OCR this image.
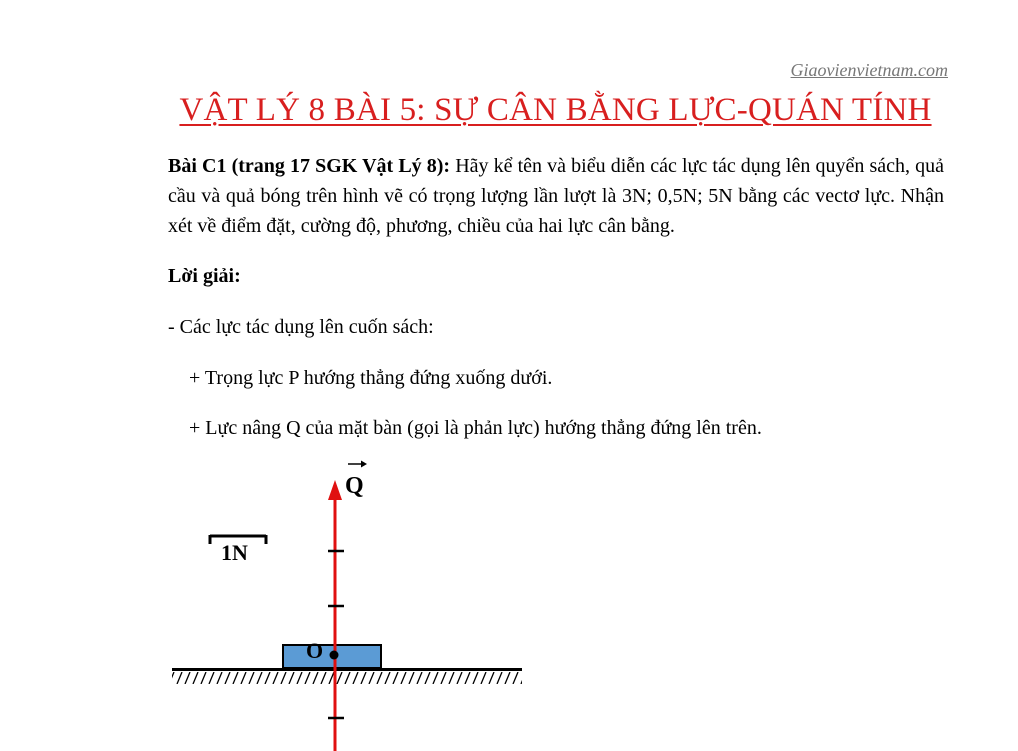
Giaovienvietnam.com
VẬT LÝ 8 BÀI 5: SỰ CÂN BẰNG LỰC-QUÁN TÍNH

Bài C1 (trang 17 SGK Vật Lý 8): Hãy kể tên và biểu diễn các lực tác dụng lên quyển sách, quả cầu và quả bóng trên hình vẽ có trọng lượng lần lượt là 3N; 0,5N; 5N bằng các vectơ lực. Nhận xét về điểm đặt, cường độ, phương, chiều của hai lực cân bằng.

Lời giải:
- Các lực tác dụng lên cuốn sách:
+ Trọng lực P hướng thẳng đứng xuống dưới.
+ Lực nâng Q của mặt bàn (gọi là phản lực) hướng thẳng đứng lên trên.
O
Q
1N
